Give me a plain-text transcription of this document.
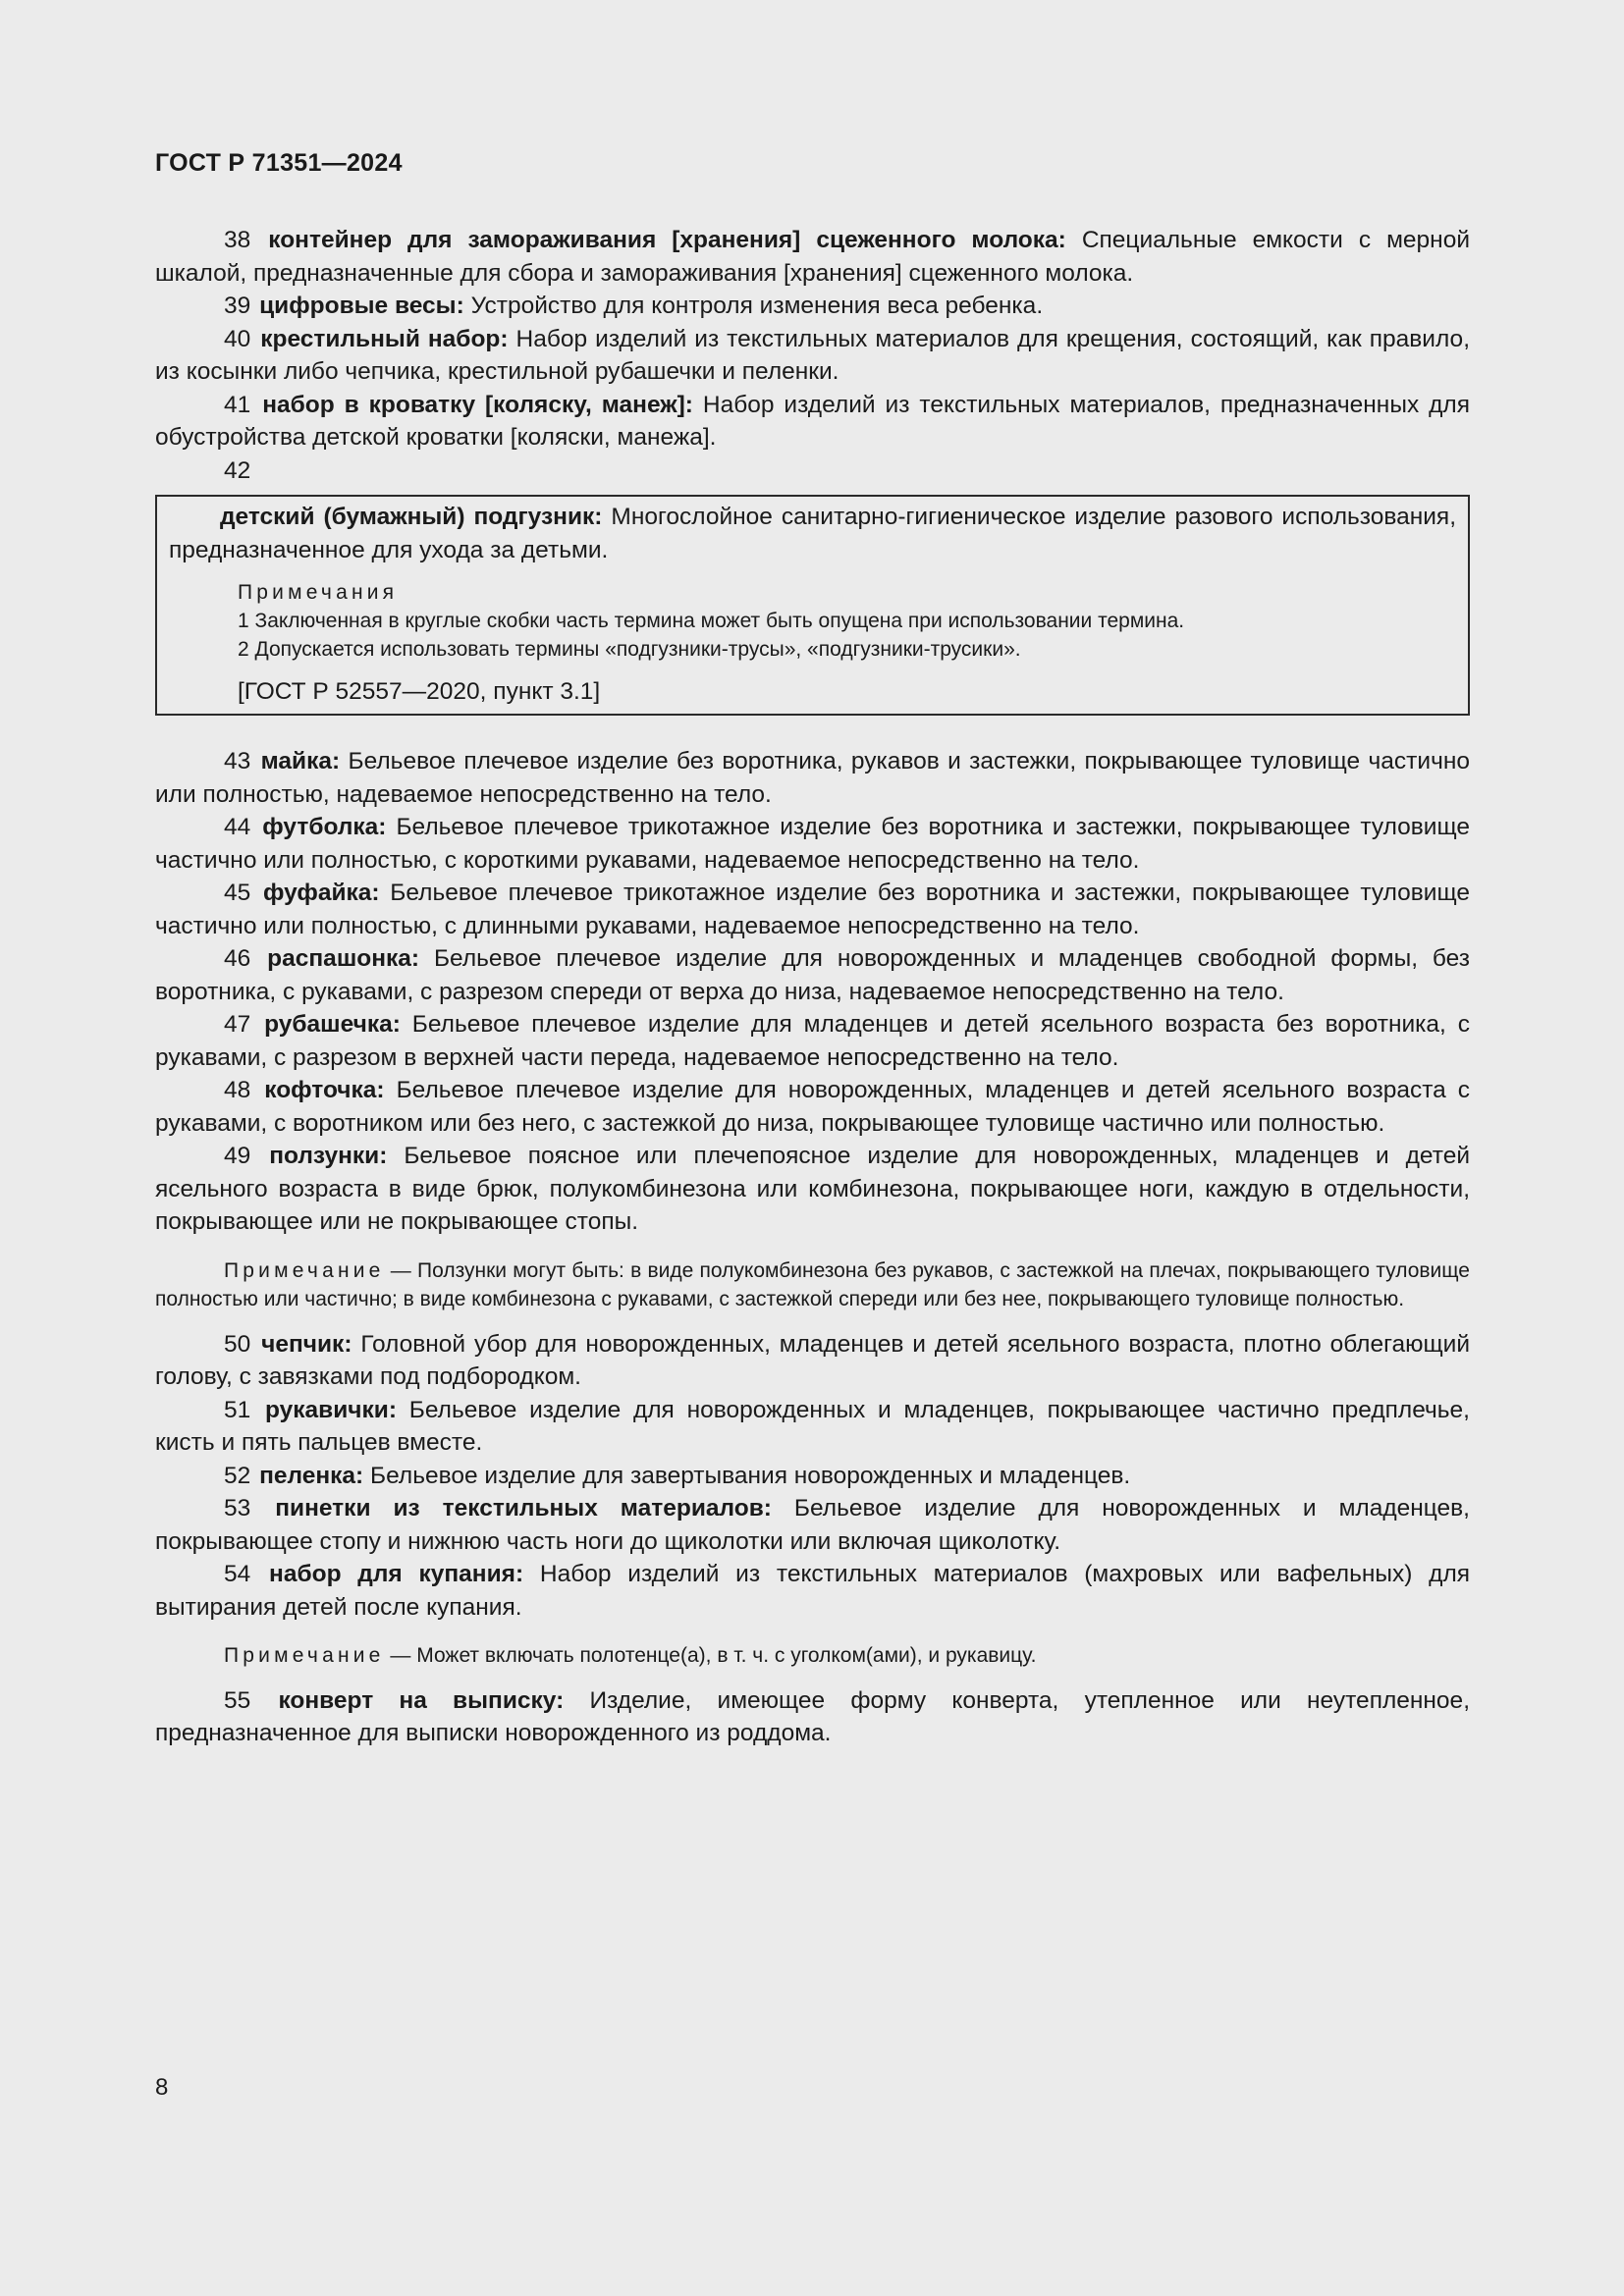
ГОСТ Р 71351—2024

38 контейнер для замораживания [хранения] сцеженного молока: Специальные емкости с мерной шкалой, предназначенные для сбора и замораживания [хранения] сцеженного молока.

39 цифровые весы: Устройство для контроля изменения веса ребенка.

40 крестильный набор: Набор изделий из текстильных материалов для крещения, состоящий, как правило, из косынки либо чепчика, крестильной рубашечки и пеленки.

41 набор в кроватку [коляску, манеж]: Набор изделий из текстильных материалов, предназначенных для обустройства детской кроватки [коляски, манежа].

42

детский (бумажный) подгузник: Многослойное санитарно-гигиеническое изделие разового использования, предназначенное для ухода за детьми.

Примечания
1 Заключенная в круглые скобки часть термина может быть опущена при использовании термина.
2 Допускается использовать термины «подгузники-трусы», «подгузники-трусики».
[ГОСТ Р 52557—2020, пункт 3.1]

43 майка: Бельевое плечевое изделие без воротника, рукавов и застежки, покрывающее туловище частично или полностью, надеваемое непосредственно на тело.

44 футболка: Бельевое плечевое трикотажное изделие без воротника и застежки, покрывающее туловище частично или полностью, с короткими рукавами, надеваемое непосредственно на тело.

45 фуфайка: Бельевое плечевое трикотажное изделие без воротника и застежки, покрывающее туловище частично или полностью, с длинными рукавами, надеваемое непосредственно на тело.

46 распашонка: Бельевое плечевое изделие для новорожденных и младенцев свободной формы, без воротника, с рукавами, с разрезом спереди от верха до низа, надеваемое непосредственно на тело.

47 рубашечка: Бельевое плечевое изделие для младенцев и детей ясельного возраста без воротника, с рукавами, с разрезом в верхней части переда, надеваемое непосредственно на тело.

48 кофточка: Бельевое плечевое изделие для новорожденных, младенцев и детей ясельного возраста с рукавами, с воротником или без него, с застежкой до низа, покрывающее туловище частично или полностью.

49 ползунки: Бельевое поясное или плечепоясное изделие для новорожденных, младенцев и детей ясельного возраста в виде брюк, полукомбинезона или комбинезона, покрывающее ноги, каждую в отдельности, покрывающее или не покрывающее стопы.

Примечание — Ползунки могут быть: в виде полукомбинезона без рукавов, с застежкой на плечах, покрывающего туловище полностью или частично; в виде комбинезона с рукавами, с застежкой спереди или без нее, покрывающего туловище полностью.

50 чепчик: Головной убор для новорожденных, младенцев и детей ясельного возраста, плотно облегающий голову, с завязками под подбородком.

51 рукавички: Бельевое изделие для новорожденных и младенцев, покрывающее частично предплечье, кисть и пять пальцев вместе.

52 пеленка: Бельевое изделие для завертывания новорожденных и младенцев.

53 пинетки из текстильных материалов: Бельевое изделие для новорожденных и младенцев, покрывающее стопу и нижнюю часть ноги до щиколотки или включая щиколотку.

54 набор для купания: Набор изделий из текстильных материалов (махровых или вафельных) для вытирания детей после купания.

Примечание — Может включать полотенце(а), в т. ч. с уголком(ами), и рукавицу.

55 конверт на выписку: Изделие, имеющее форму конверта, утепленное или неутепленное, предназначенное для выписки новорожденного из роддома.

8
